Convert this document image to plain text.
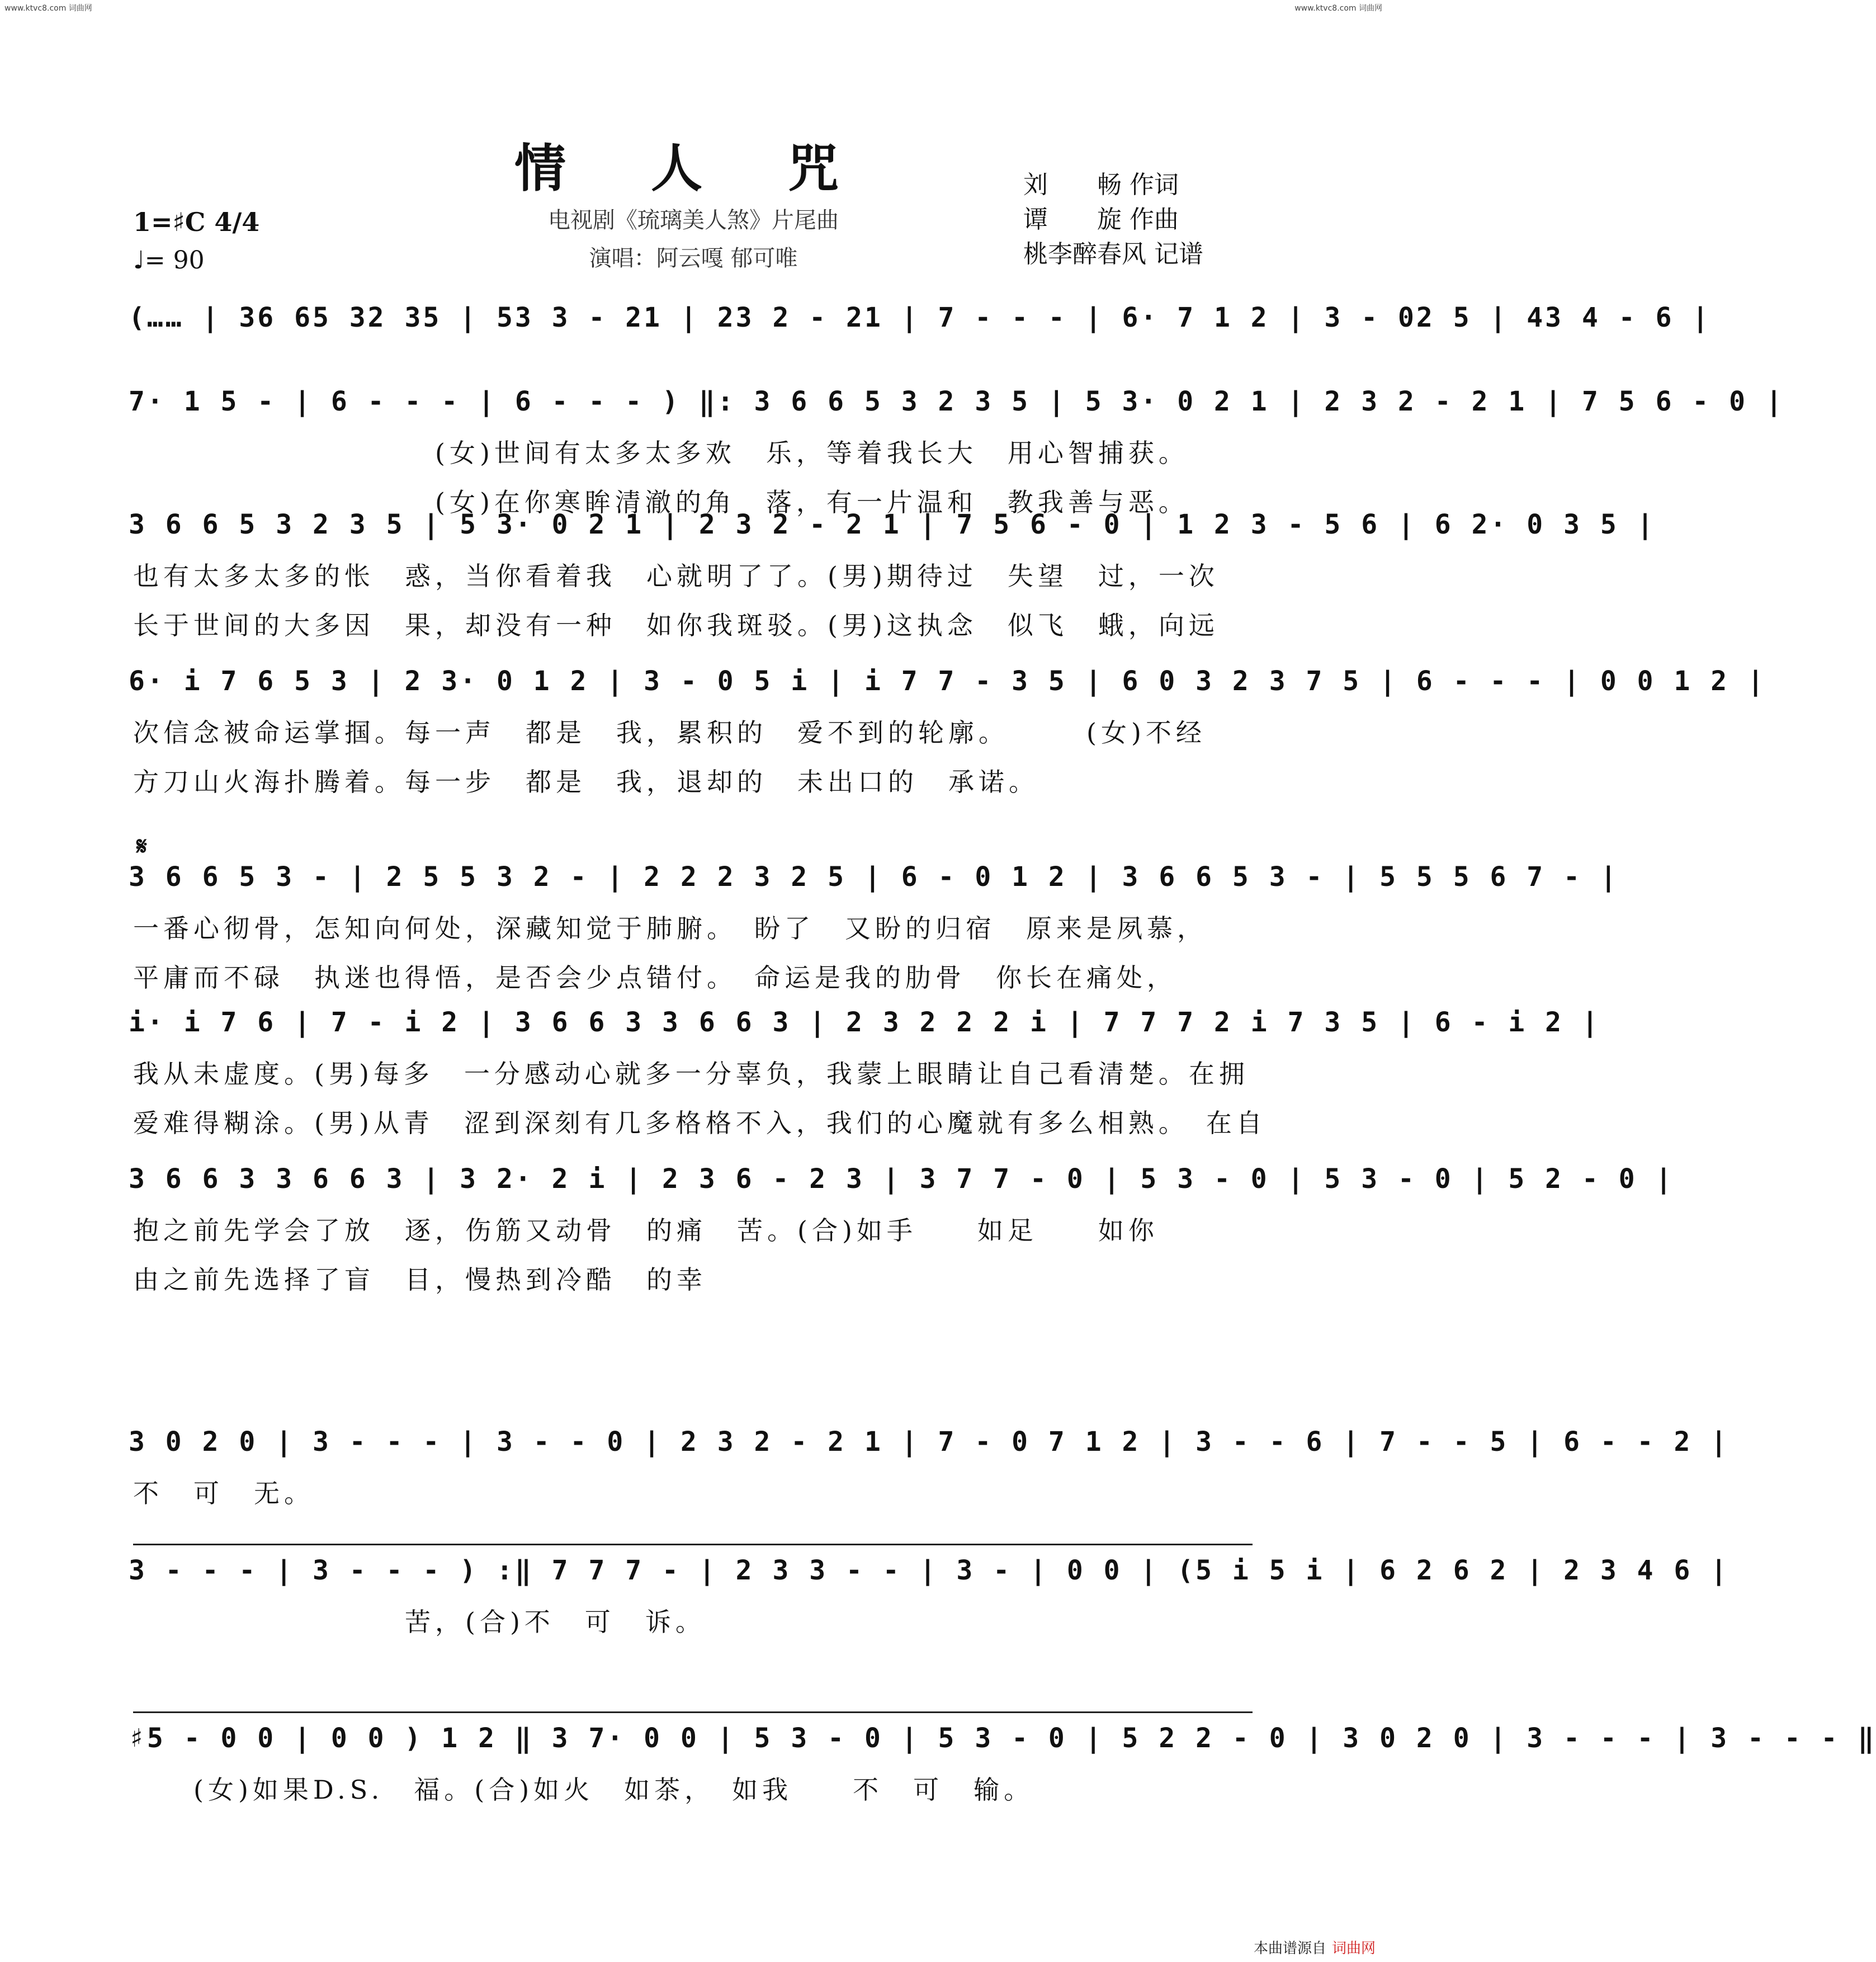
www.ktvc8.com 词曲网	www.ktvc8.com 词曲网
情 人 咒
电视剧《琉璃美人煞》片尾曲
演唱：阿云嘎 郁可唯
刘　　畅 作词
谭　　旋 作曲
桃李醉春风 记谱
1=♯C 4/4
♩= 90
(…… | 36 65 32 35 | 53 3 - 21 | 23 2 - 21 | 7 - - - | 6· 7 1 2 | 3 - 02 5 | 43 4 - 6 |
7· 1 5 - | 6 - - - | 6 - - - ) ‖: 3 6 6 5 3 2 3 5 | 5 3· 0 2 1 | 2 3 2 - 2 1 | 7 5 6 - 0 |
　　　　　　　　　　(女)世间有太多太多欢　乐，等着我长大　用心智捕获。
　　　　　　　　　　(女)在你寒眸清澈的角　落，有一片温和　教我善与恶。
3 6 6 5 3 2 3 5 | 5 3· 0 2 1 | 2 3 2 - 2 1 | 7 5 6 - 0 | 1 2 3 - 5 6 | 6 2· 0 3 5 |
也有太多太多的怅　惑，当你看着我　心就明了了。(男)期待过　失望　过，一次
长于世间的大多因　果，却没有一种　如你我斑驳。(男)这执念　似飞　蛾，向远
6· i 7 6 5 3 | 2 3· 0 1 2 | 3 - 0 5 i | i 7 7 - 3 5 | 6 0 3 2 3 7 5 | 6 - - - | 0 0 1 2 |
次信念被命运掌掴。每一声　都是　我，累积的　爱不到的轮廓。　　　(女)不经
方刀山火海扑腾着。每一步　都是　我，退却的　未出口的　承诺。
3 6 6 5 3 - | 2 5 5 3 2 - | 2 2 2 3 2 5 | 6 - 0 1 2 | 3 6 6 5 3 - | 5 5 5 6 7 - |
一番心彻骨，怎知向何处，深藏知觉于肺腑。　盼了　又盼的归宿　原来是夙慕，
平庸而不碌　执迷也得悟，是否会少点错付。　命运是我的肋骨　你长在痛处，
i· i 7 6 | 7 - i 2 | 3 6 6 3 3 6 6 3 | 2 3 2 2 2 i | 7 7 7 2 i 7 3 5 | 6 - i 2 |
我从未虚度。(男)每多　一分感动心就多一分辜负，我蒙上眼睛让自己看清楚。在拥
爱难得糊涂。(男)从青　涩到深刻有几多格格不入，我们的心魔就有多么相熟。　在自
3 6 6 3 3 6 6 3 | 3 2· 2 i | 2 3 6 - 2 3 | 3 7 7 - 0 | 5 3 - 0 | 5 3 - 0 | 5 2 - 0 |
抱之前先学会了放　逐，伤筋又动骨　的痛　苦。(合)如手　　如足　　如你
由之前先选择了盲　目，慢热到冷酷　的幸
3 0 2 0 | 3 - - - | 3 - - 0 | 2 3 2 - 2 1 | 7 - 0 7 1 2 | 3 - - 6 | 7 - - 5 | 6 - - 2 |
不　可　无。
3 - - - | 3 - - - ) :‖ 7 7 7 - | 2 3 3 - - | 3 - | 0 0 | (5 i 5 i | 6 2 6 2 | 2 3 4 6 |
　　　　　　　　　苦，(合)不　可　诉。
♯5 - 0 0 | 0 0 ) 1 2 ‖ 3 7· 0 0 | 5 3 - 0 | 5 3 - 0 | 5 2 2 - 0 | 3 0 2 0 | 3 - - - | 3 - - - ‖
　　(女)如果D.S.　福。(合)如火　如茶，　如我　　不　可　输。
𝄋
本曲谱源自 词曲网
